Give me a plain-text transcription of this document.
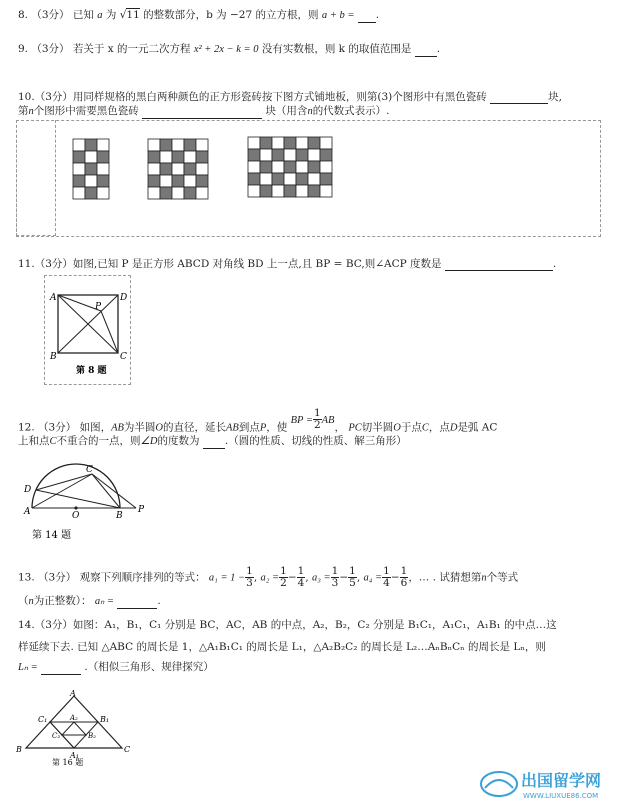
8. （3分） 已知 a 为 √11 的整数部分，b 为 −27 的立方根，则 a + b = .
9. （3分） 若关于 x 的一元二次方程 x² + 2x − k = 0 没有实数根，则 k 的取值范围是 .
10.（3分）用同样规格的黑白两种颜色的正方形瓷砖按下图方式铺地板，则第(3)个图形中有黑色瓷砖	块,
第n个图形中需要黑色瓷砖	块（用含n的代数式表示）.
11.（3分）如图,已知 P 是正方形 ABCD 对角线 BD 上一点,且 BP = BC,则∠ACP 度数是	.
A	D
B	C
P
第 8 题
12. （3分） 如图，AB为半圆O的直径，延长AB到点P，使 BP = $\frac{1}{2}$ AB， PC切半圆O于点C，点D是弧 AC
上和点C不重合的一点，则∠D的度数为 .（圆的性质、切线的性质、解三角形）
C
D
A	O	B
P
第 14 题
13. （3分） 观察下列顺序排列的等式： $a_1 = 1 - \frac{1}{3}$ , $a_2 = \frac{1}{2} - \frac{1}{4}$ , $a_3 = \frac{1}{3} - \frac{1}{5}$ , $a_4 = \frac{1}{4} - \frac{1}{6}$ ，… . 试猜想第n个等式
（n为正整数）： aₙ =	.
14.（3分）如图：A₁，B₁，C₁ 分别是 BC，AC，AB 的中点，A₂，B₂，C₂ 分别是 B₁C₁，A₁C₁，A₁B₁ 的中点…这
样延续下去. 已知 △ABC 的周长是 1，△A₁B₁C₁ 的周长是 L₁，△A₂B₂C₂ 的周长是 L₂…AₙBₙCₙ 的周长是 Lₙ，则
Lₙ =	.（相似三角形、规律探究）
A
B	C
A₁
B₁
C₁	A₂
B₂
C₂
第 16 题
出国留学网
WWW.LIUXUE86.COM
